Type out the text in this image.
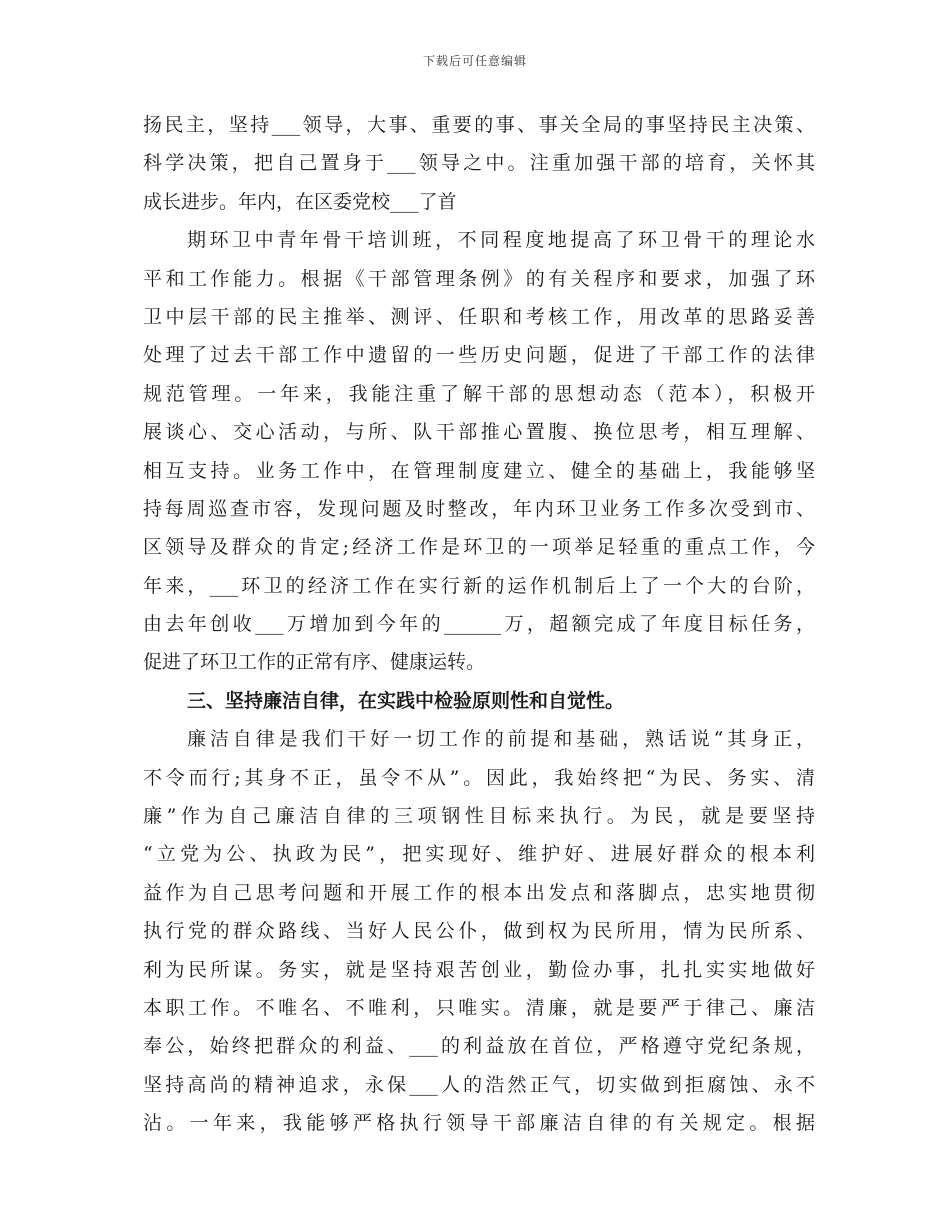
下载后可任意编辑
扬民主，坚持___领导，大事、重要的事、事关全局的事坚持民主决策、
科学决策，把自己置身于___领导之中。注重加强干部的培育，关怀其
成长进步。年内，在区委党校___了首
期环卫中青年骨干培训班，不同程度地提高了环卫骨干的理论水
平和工作能力。根据《干部管理条例》的有关程序和要求，加强了环
卫中层干部的民主推举、测评、任职和考核工作，用改革的思路妥善
处理了过去干部工作中遗留的一些历史问题，促进了干部工作的法律
规范管理。一年来，我能注重了解干部的思想动态（范本），积极开
展谈心、交心活动，与所、队干部推心置腹、换位思考，相互理解、
相互支持。业务工作中，在管理制度建立、健全的基础上，我能够坚
持每周巡查市容，发现问题及时整改，年内环卫业务工作多次受到市、
区领导及群众的肯定;经济工作是环卫的一项举足轻重的重点工作，今
年来，___环卫的经济工作在实行新的运作机制后上了一个大的台阶，
由去年创收___万增加到今年的______万，超额完成了年度目标任务，
促进了环卫工作的正常有序、健康运转。
三、坚持廉洁自律，在实践中检验原则性和自觉性。
廉洁自律是我们干好一切工作的前提和基础，熟话说“其身正，
不令而行;其身不正，虽令不从”。因此，我始终把“为民、务实、清
廉”作为自己廉洁自律的三项钢性目标来执行。为民，就是要坚持
“立党为公、执政为民”，把实现好、维护好、进展好群众的根本利
益作为自己思考问题和开展工作的根本出发点和落脚点，忠实地贯彻
执行党的群众路线、当好人民公仆，做到权为民所用，情为民所系、
利为民所谋。务实，就是坚持艰苦创业，勤俭办事，扎扎实实地做好
本职工作。不唯名、不唯利，只唯实。清廉，就是要严于律己、廉洁
奉公，始终把群众的利益、___的利益放在首位，严格遵守党纪条规，
坚持高尚的精神追求，永保___人的浩然正气，切实做到拒腐蚀、永不
沾。一年来，我能够严格执行领导干部廉洁自律的有关规定。根据
